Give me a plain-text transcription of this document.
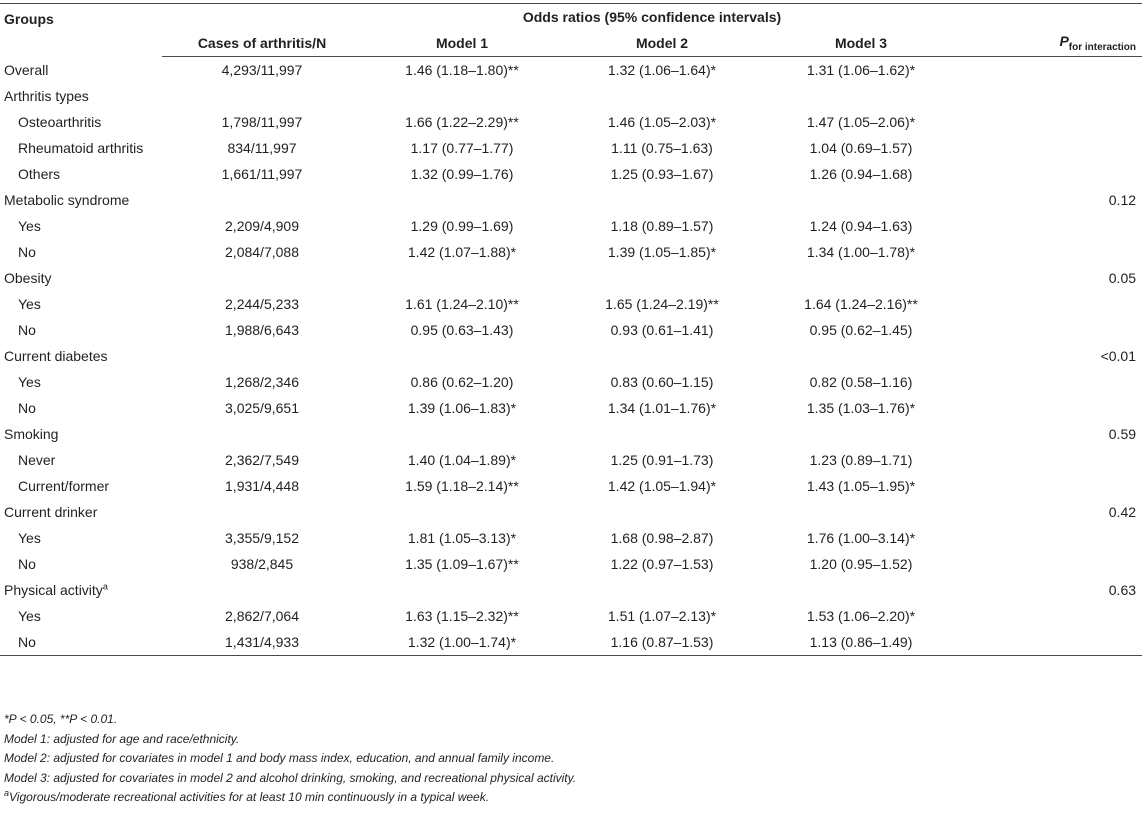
Groups	Odds ratios (95% confidence intervals)				
	Cases of arthritis/N	Model 1	Model 2	Model 3	$P_{for interaction}$
Overall	4,293/11,997	1.46 (1.18–1.80)**	1.32 (1.06–1.64)*	1.31 (1.06–1.62)*	
Arthritis types					
Osteoarthritis	1,798/11,997	1.66 (1.22–2.29)**	1.46 (1.05–2.03)*	1.47 (1.05–2.06)*	
Rheumatoid arthritis	834/11,997	1.17 (0.77–1.77)	1.11 (0.75–1.63)	1.04 (0.69–1.57)	
Others	1,661/11,997	1.32 (0.99–1.76)	1.25 (0.93–1.67)	1.26 (0.94–1.68)	
Metabolic syndrome					0.12
Yes	2,209/4,909	1.29 (0.99–1.69)	1.18 (0.89–1.57)	1.24 (0.94–1.63)	
No	2,084/7,088	1.42 (1.07–1.88)*	1.39 (1.05–1.85)*	1.34 (1.00–1.78)*	
Obesity					0.05
Yes	2,244/5,233	1.61 (1.24–2.10)**	1.65 (1.24–2.19)**	1.64 (1.24–2.16)**	
No	1,988/6,643	0.95 (0.63–1.43)	0.93 (0.61–1.41)	0.95 (0.62–1.45)	
Current diabetes					<0.01
Yes	1,268/2,346	0.86 (0.62–1.20)	0.83 (0.60–1.15)	0.82 (0.58–1.16)	
No	3,025/9,651	1.39 (1.06–1.83)*	1.34 (1.01–1.76)*	1.35 (1.03–1.76)*	
Smoking					0.59
Never	2,362/7,549	1.40 (1.04–1.89)*	1.25 (0.91–1.73)	1.23 (0.89–1.71)	
Current/former	1,931/4,448	1.59 (1.18–2.14)**	1.42 (1.05–1.94)*	1.43 (1.05–1.95)*	
Current drinker					0.42
Yes	3,355/9,152	1.81 (1.05–3.13)*	1.68 (0.98–2.87)	1.76 (1.00–3.14)*	
No	938/2,845	1.35 (1.09–1.67)**	1.22 (0.97–1.53)	1.20 (0.95–1.52)	
Physical activity$^a$					0.63
Yes	2,862/7,064	1.63 (1.15–2.32)**	1.51 (1.07–2.13)*	1.53 (1.06–2.20)*	
No	1,431/4,933	1.32 (1.00–1.74)*	1.16 (0.87–1.53)	1.13 (0.86–1.49)	
*P < 0.05, **P < 0.01.
Model 1: adjusted for age and race/ethnicity.
Model 2: adjusted for covariates in model 1 and body mass index, education, and annual family income.
Model 3: adjusted for covariates in model 2 and alcohol drinking, smoking, and recreational physical activity.
$^a$Vigorous/moderate recreational activities for at least 10 min continuously in a typical week.
